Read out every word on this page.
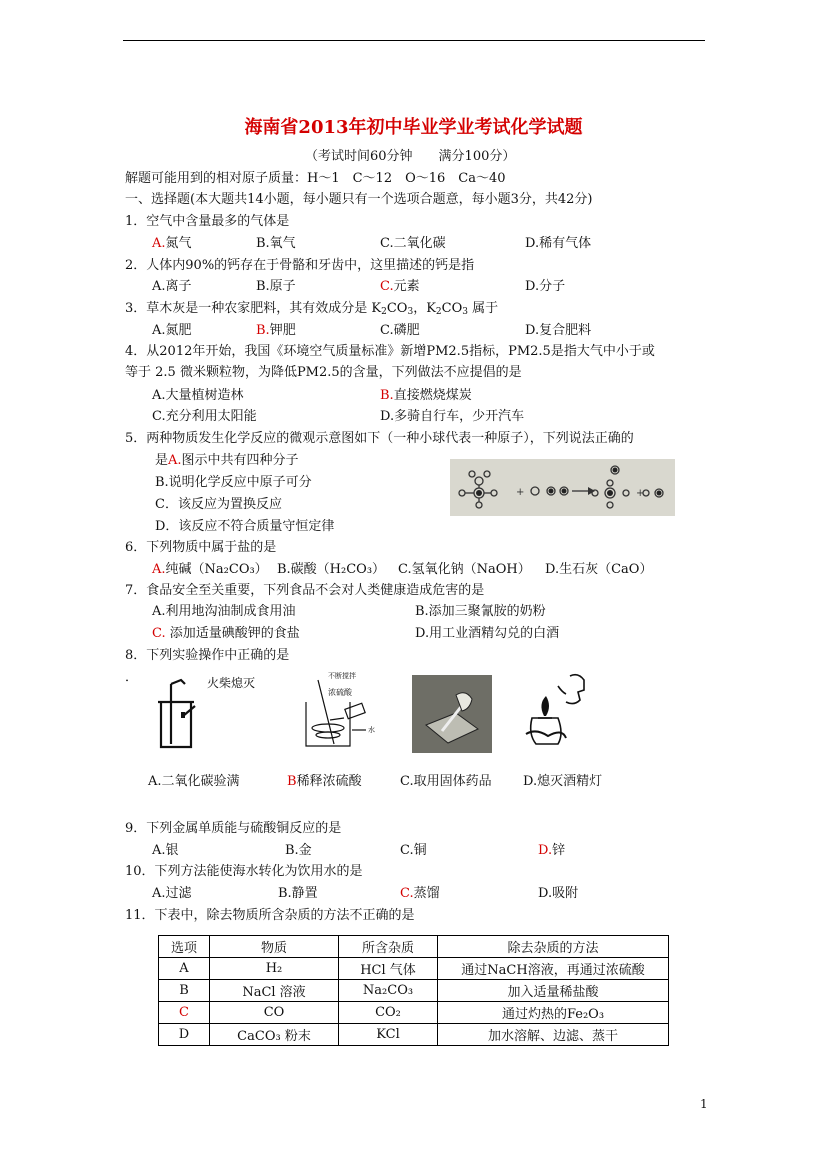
海南省2013年初中毕业学业考试化学试题
（考试时间60分钟　　满分100分）
解题可能用到的相对原子质量：H～1　C～12　O～16　Ca～40
一、选择题(本大题共14小题，每小题只有一个选项合题意，每小题3分，共42分)
1．空气中含量最多的气体是
A.氮气	B.氧气	C.二氧化碳	D.稀有气体
2．人体内90%的钙存在于骨骼和牙齿中，这里描述的钙是指
A.离子	B.原子	C.元素	D.分子
3．草木灰是一种农家肥料，其有效成分是 $K_2CO_3$，$K_2CO_3$ 属于
A.氮肥	B.钾肥	C.磷肥	D.复合肥料
4．从2012年开始，我国《环境空气质量标准》新增PM2.5指标，PM2.5是指大气中小于或
等于 2.5 微米颗粒物，为降低PM2.5的含量，下列做法不应提倡的是
A.大量植树造林	B.直接燃烧煤炭
C.充分利用太阳能	D.多骑自行车，少开汽车
5．两种物质发生化学反应的微观示意图如下（一种小球代表一种原子），下列说法正确的
是A.图示中共有四种分子
B.说明化学反应中原子可分
C．该反应为置换反应
D．该反应不符合质量守恒定律
+	+
6．下列物质中属于盐的是
A.纯碱（Na₂CO₃） B.碳酸（H₂CO₃） C.氢氧化钠（NaOH） D.生石灰（CaO）
7．食品安全至关重要，下列食品不会对人类健康造成危害的是
A.利用地沟油制成食用油	B.添加三聚氰胺的奶粉
C. 添加适量碘酸钾的食盐	D.用工业酒精勾兑的白酒
8．下列实验操作中正确的是
．	火柴熄灭	不断搅拌
浓硫酸
水
A.二氧化碳验满	B稀释浓硫酸	C.取用固体药品 D.熄灭酒精灯
9．下列金属单质能与硫酸铜反应的是
A.银	B.金	C.铜	D.锌
10．下列方法能使海水转化为饮用水的是
A.过滤	B.静置	C.蒸馏	D.吸附
11．下表中，除去物质所含杂质的方法不正确的是
选项	物质	所含杂质	除去杂质的方法
A	H₂	HCl 气体	通过NaCH溶液，再通过浓硫酸
B	NaCl 溶液	Na₂CO₃	加入适量稀盐酸
C	CO	CO₂	通过灼热的Fe₂O₃
D	CaCO₃ 粉末	KCl	加水溶解、边滤、蒸干
1
